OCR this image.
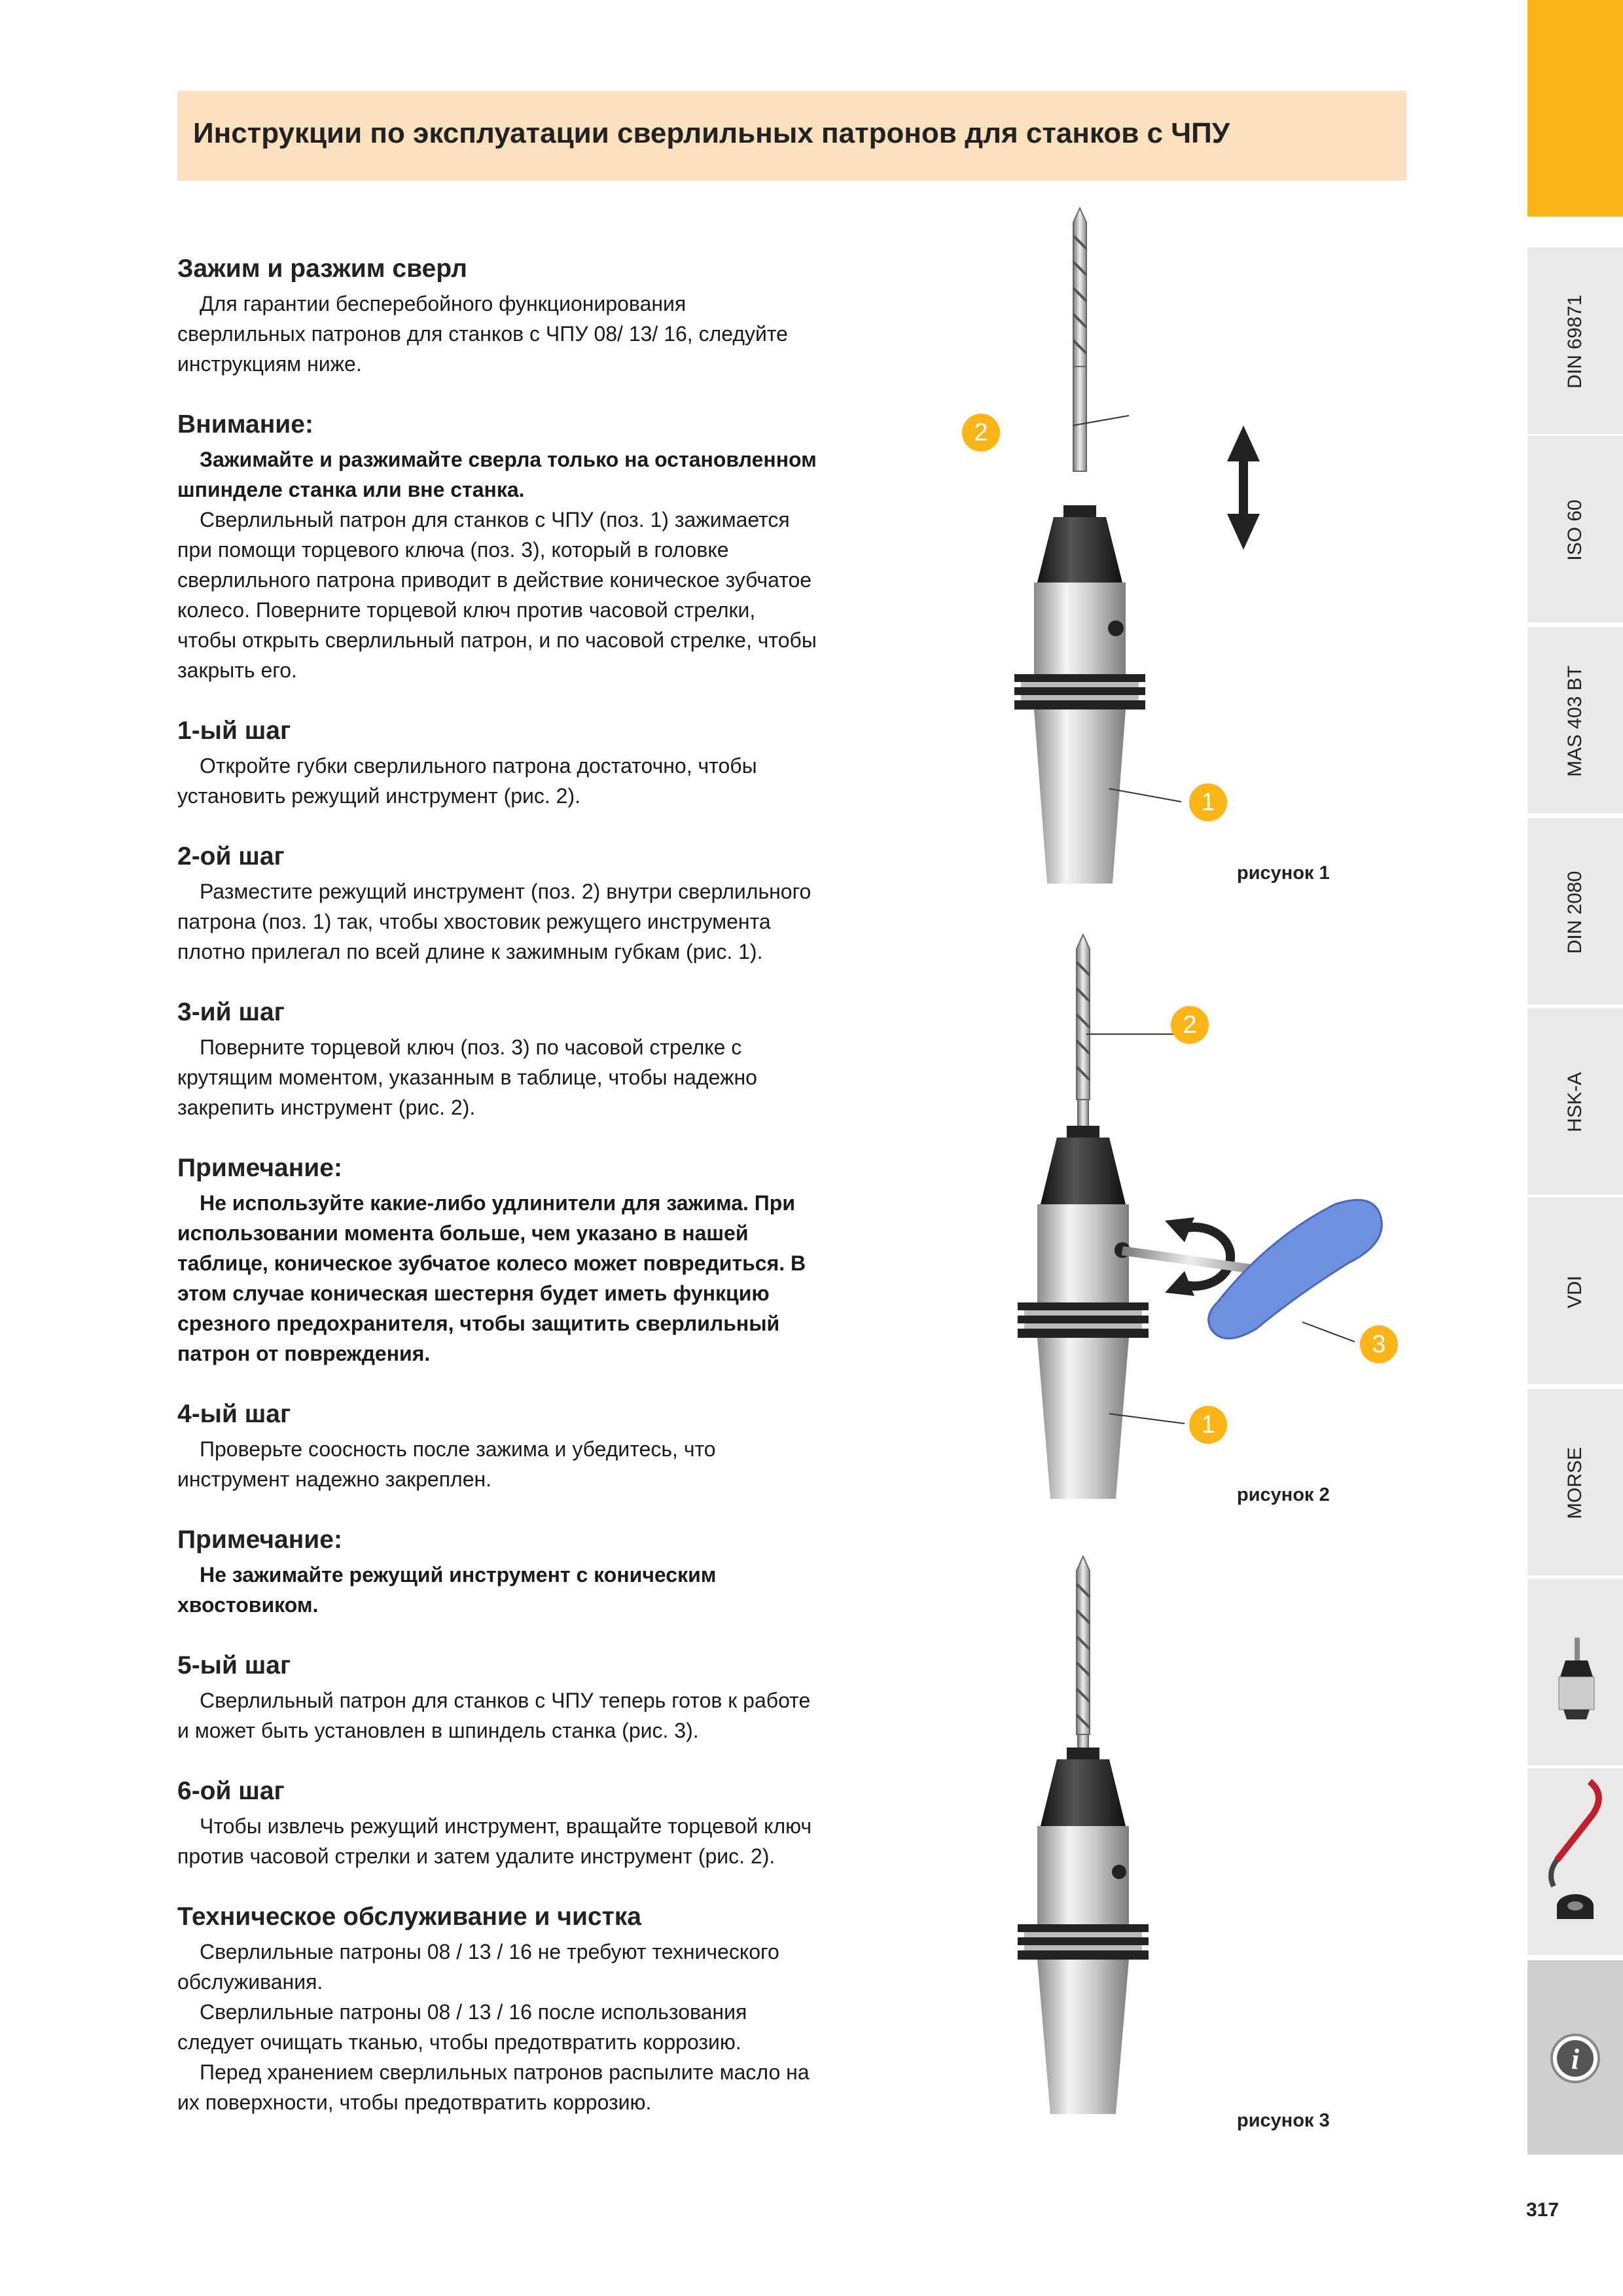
Инструкции по эксплуатации сверлильных патронов для станков с ЧПУ
Зажим и разжим сверл

Для гарантии бесперебойного функционирования сверлильных патронов для станков с ЧПУ 08/ 13/ 16, следуйте инструкциям ниже.

Внимание:

Зажимайте и разжимайте сверла только на остановленном шпинделе станка или вне станка.

Сверлильный патрон для станков с ЧПУ (поз. 1) зажимается при помощи торцевого ключа (поз. 3), который в головке сверлильного патрона приводит в действие коническое зубчатое колесо. Поверните торцевой ключ против часовой стрелки, чтобы открыть сверлильный патрон, и по часовой стрелке, чтобы закрыть его.

1-ый шаг

Откройте губки сверлильного патрона достаточно, чтобы установить режущий инструмент (рис. 2).

2-ой шаг

Разместите режущий инструмент (поз. 2) внутри сверлильного патрона (поз. 1) так, чтобы хвостовик режущего инструмента плотно прилегал по всей длине к зажимным губкам (рис. 1).

3-ий шаг

Поверните торцевой ключ (поз. 3) по часовой стрелке с крутящим моментом, указанным в таблице, чтобы надежно закрепить инструмент (рис. 2).

Примечание:

Не используйте какие-либо удлинители для зажима. При использовании момента больше, чем указано в нашей таблице, коническое зубчатое колесо может повредиться. В этом случае коническая шестерня будет иметь функцию срезного предохранителя, чтобы защитить сверлильный патрон от повреждения.

4-ый шаг

Проверьте соосность после зажима и убедитесь, что инструмент надежно закреплен.

Примечание:

Не зажимайте режущий инструмент с коническим хвостовиком.

5-ый шаг

Сверлильный патрон для станков с ЧПУ теперь готов к работе и может быть установлен в шпиндель станка (рис. 3).

6-ой шаг

Чтобы извлечь режущий инструмент, вращайте торцевой ключ против часовой стрелки и затем удалите инструмент (рис. 2).

Техническое обслуживание и чистка

Сверлильные патроны 08 / 13 / 16 не требуют технического обслуживания.

Сверлильные патроны 08 / 13 / 16 после использования следует очищать тканью, чтобы предотвратить коррозию.

Перед хранением сверлильных патронов распылите масло на их поверхности, чтобы предотвратить коррозию.

2
1
рисунок 1
2
3
1
рисунок 2
рисунок 3
DIN 69871
ISO 60
MAS 403 BT
DIN 2080
HSK-A
VDI
MORSE
i
317
